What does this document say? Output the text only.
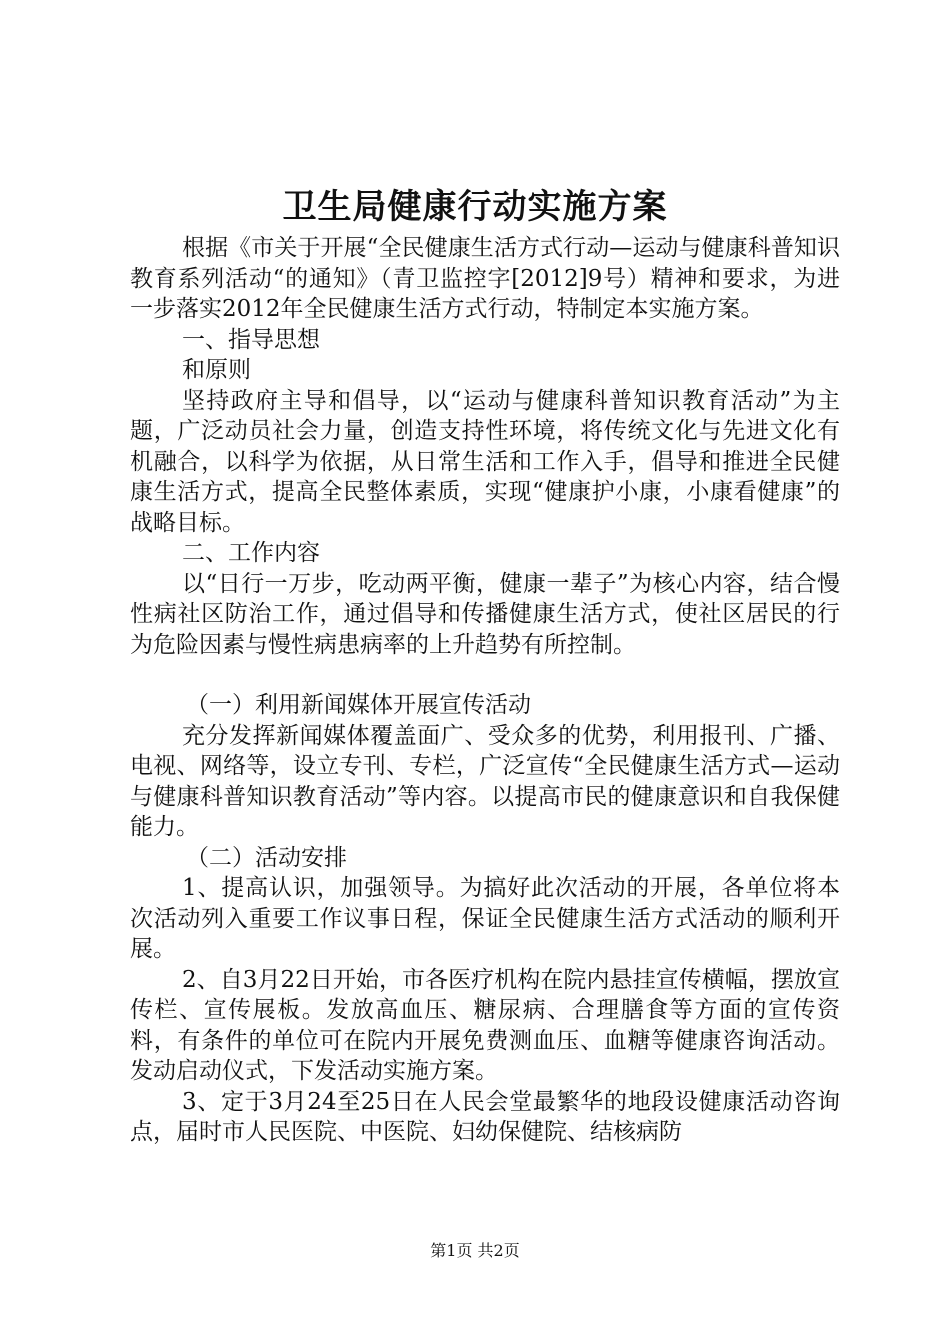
卫生局健康行动实施方案

根据《市关于开展“全民健康生活方式行动—运动与健康科普知识教育系列活动“的通知》（青卫监控字[2012]9号）精神和要求，为进一步落实2012年全民健康生活方式行动，特制定本实施方案。

一、指导思想

和原则

坚持政府主导和倡导，以“运动与健康科普知识教育活动”为主题，广泛动员社会力量，创造支持性环境，将传统文化与先进文化有机融合，以科学为依据，从日常生活和工作入手，倡导和推进全民健康生活方式，提高全民整体素质，实现“健康护小康，小康看健康”的战略目标。

二、工作内容

以“日行一万步，吃动两平衡，健康一辈子”为核心内容，结合慢性病社区防治工作，通过倡导和传播健康生活方式，使社区居民的行为危险因素与慢性病患病率的上升趋势有所控制。

（一）利用新闻媒体开展宣传活动

充分发挥新闻媒体覆盖面广、受众多的优势，利用报刊、广播、电视、网络等，设立专刊、专栏，广泛宣传“全民健康生活方式—运动与健康科普知识教育活动”等内容。以提高市民的健康意识和自我保健能力。

（二）活动安排

1、提高认识，加强领导。为搞好此次活动的开展，各单位将本次活动列入重要工作议事日程，保证全民健康生活方式活动的顺利开展。

2、自3月22日开始，市各医疗机构在院内悬挂宣传横幅，摆放宣传栏、宣传展板。发放高血压、糖尿病、合理膳食等方面的宣传资料，有条件的单位可在院内开展免费测血压、血糖等健康咨询活动。发动启动仪式，下发活动实施方案。

3、定于3月24至25日在人民会堂最繁华的地段设健康活动咨询点，届时市人民医院、中医院、妇幼保健院、结核病防

第1页 共2页
